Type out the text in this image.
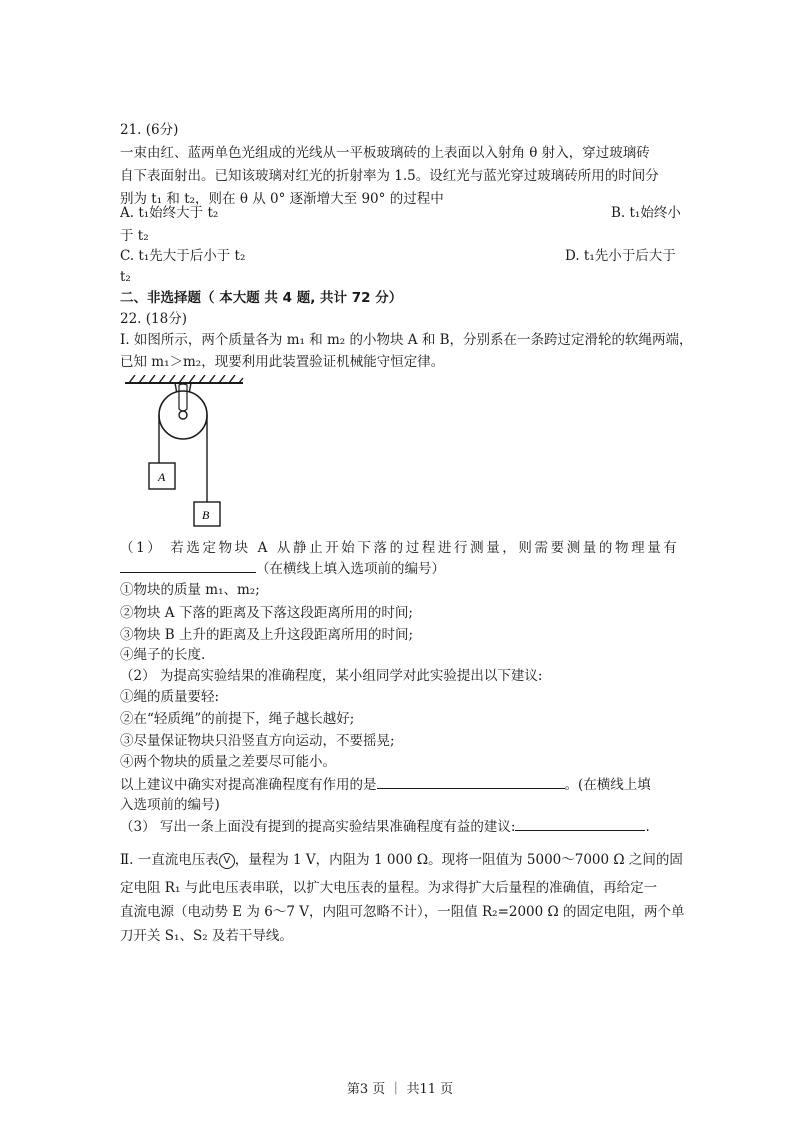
21. (6分)
一束由红、蓝两单色光组成的光线从一平板玻璃砖的上表面以入射角 θ 射入，穿过玻璃砖
自下表面射出。已知该玻璃对红光的折射率为 1.5。设红光与蓝光穿过玻璃砖所用的时间分
别为 t₁ 和 t₂，则在 θ 从 0° 逐渐增大至 90° 的过程中
A. t₁始终大于 t₂	B. t₁始终小
于 t₂
C. t₁先大于后小于 t₂	D. t₁先小于后大于
t₂
二、非选择题（ 本大题 共 4 题, 共计 72 分）
22. (18分)
Ⅰ. 如图所示，两个质量各为 m₁ 和 m₂ 的小物块 A 和 B，分别系在一条跨过定滑轮的软绳两端，
已知 m₁＞m₂，现要利用此装置验证机械能守恒定律。
A
B
（1） 若选定物块 A 从静止开始下落的过程进行测量，则需要测量的物理量有
（在横线上填入选项前的编号）
①物块的质量 m₁、m₂;
②物块 A 下落的距离及下落这段距离所用的时间;
③物块 B 上升的距离及上升这段距离所用的时间;
④绳子的长度.
（2） 为提高实验结果的准确程度，某小组同学对此实验提出以下建议:
①绳的质量要轻:
②在“轻质绳”的前提下，绳子越长越好;
③尽量保证物块只沿竖直方向运动，不要摇晃;
④两个物块的质量之差要尽可能小。
以上建议中确实对提高准确程度有作用的是	。(在横线上填
入选项前的编号)
（3） 写出一条上面没有提到的提高实验结果准确程度有益的建议:	.
Ⅱ. 一直流电压表 V ，量程为 1 V，内阻为 1 000 Ω。现将一阻值为 5000～7000 Ω 之间的固
定电阻 R₁ 与此电压表串联，以扩大电压表的量程。为求得扩大后量程的准确值，再给定一
直流电源（电动势 E 为 6～7 V，内阻可忽略不计），一阻值 R₂=2000 Ω 的固定电阻，两个单
刀开关 S₁、S₂ 及若干导线。
第3 页 ｜ 共11 页
